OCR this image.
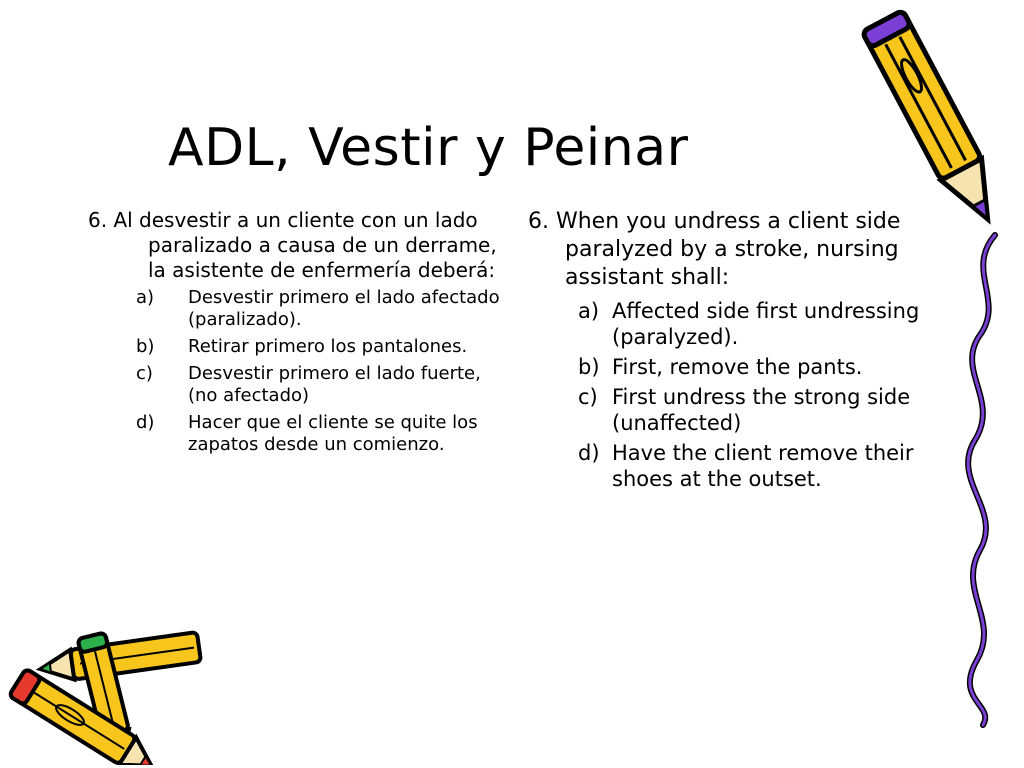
ADL, Vestir y Peinar

6. Al desvestir a un cliente con un lado paralizado a causa de un derrame, la asistente de enfermería deberá:

a)	Desvestir primero el lado afectado (paralizado).
b)	Retirar primero los pantalones.
c)	Desvestir primero el lado fuerte, (no afectado)
d)	Hacer que el cliente se quite los zapatos desde un comienzo.

6. When you undress a client side paralyzed by a stroke, nursing assistant shall:

a) Affected side first undressing (paralyzed).
b) First, remove the pants.
c) First undress the strong side (unaffected)
d) Have the client remove their shoes at the outset.
